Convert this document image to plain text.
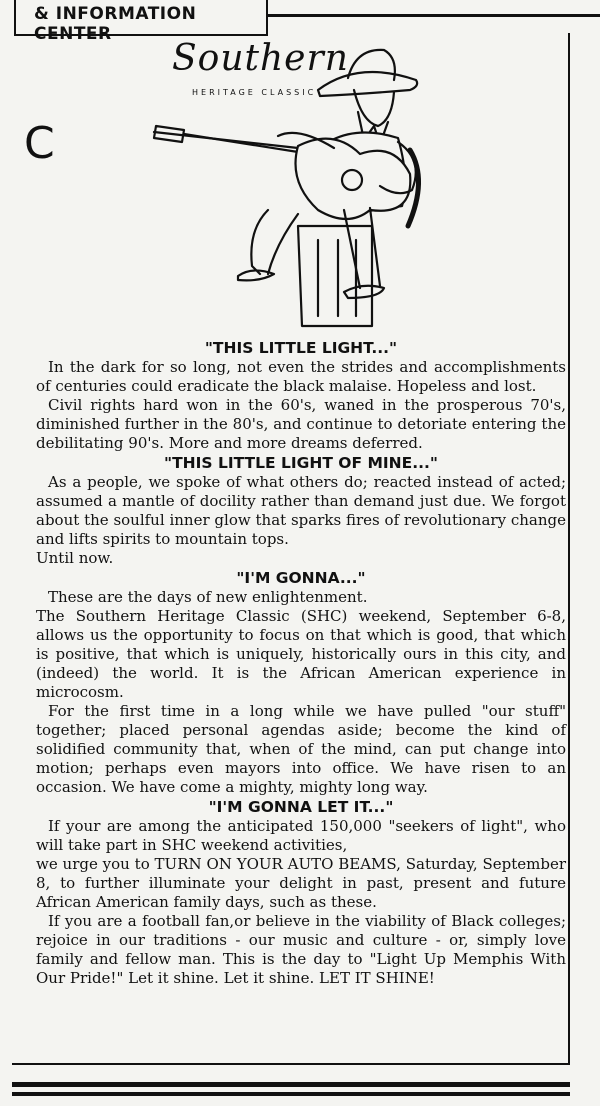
& INFORMATION CENTER
Southern
HERITAGE CLASSIC
C
"THIS LITTLE LIGHT..."

In the dark for so long, not even the strides and accomplishments of centuries could eradicate the black malaise. Hopeless and lost.

Civil rights hard won in the 60's, waned in the prosperous 70's, diminished further in the 80's, and continue to detoriate entering the debilitating 90's. More and more dreams deferred.

"THIS LITTLE LIGHT OF MINE..."

As a people, we spoke of what others do; reacted instead of acted; assumed a mantle of docility rather than demand just due. We forgot about the soulful inner glow that sparks fires of revolutionary change and lifts spirits to mountain tops.

Until now.

"I'M GONNA..."

These are the days of new enlightenment.

The Southern Heritage Classic (SHC) weekend, September 6-8, allows us the opportunity to focus on that which is good, that which is positive, that which is uniquely, historically ours in this city, and (indeed) the world. It is the African American experience in microcosm.

For the first time in a long while we have pulled "our stuff" together; placed personal agendas aside; become the kind of solidified community that, when of the mind, can put change into motion; perhaps even mayors into office. We have risen to an occasion. We have come a mighty, mighty long way.

"I'M GONNA LET IT..."

If your are among the anticipated 150,000 "seekers of light", who will take part in SHC weekend activities,

we urge you to TURN ON YOUR AUTO BEAMS, Saturday, September 8, to further illuminate your delight in past, present and future African American family days, such as these.

If you are a football fan,or believe in the viability of Black colleges; rejoice in our traditions - our music and culture - or, simply love family and fellow man. This is the day to "Light Up Memphis With Our Pride!" Let it shine. Let it shine. LET IT SHINE!
